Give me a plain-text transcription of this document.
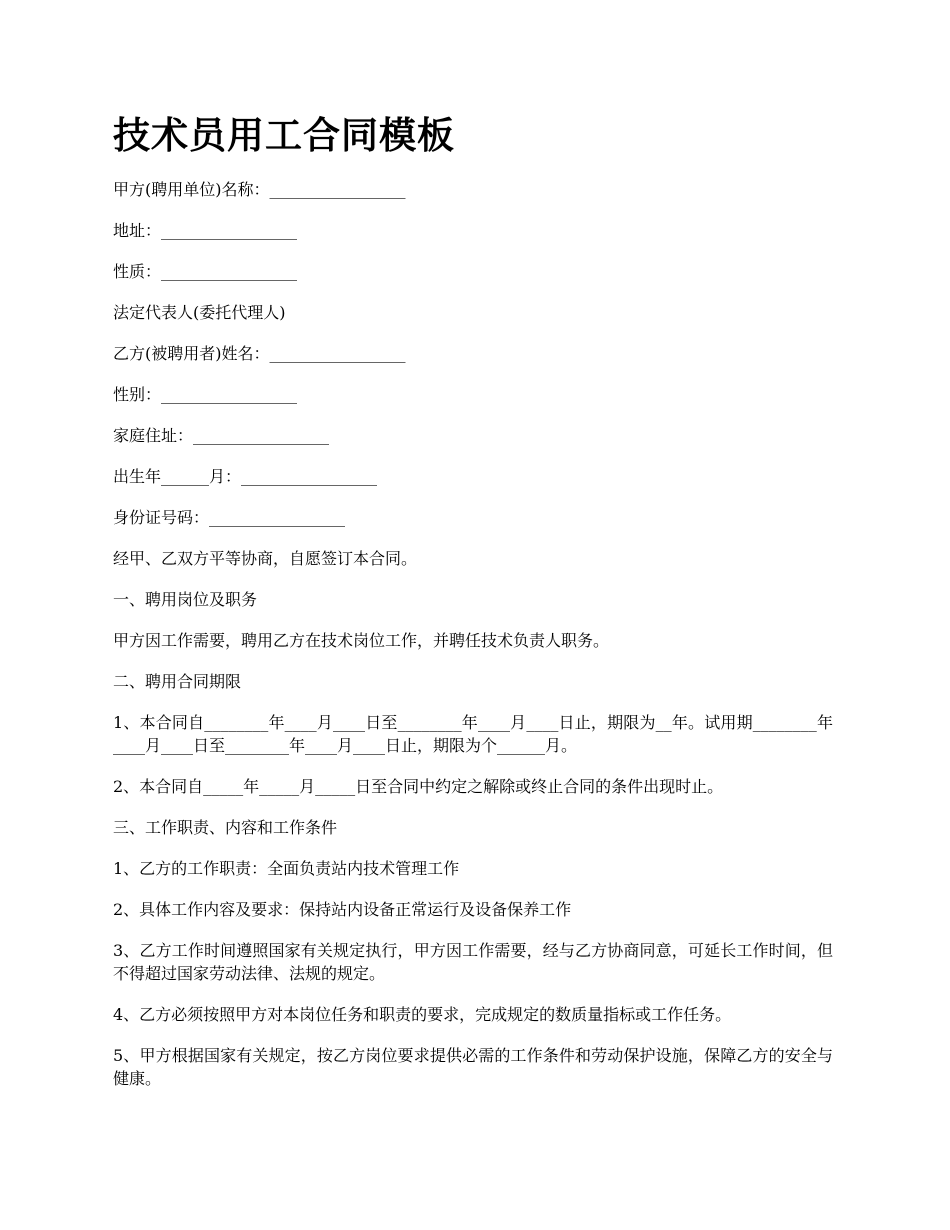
技术员用工合同模板

甲方(聘用单位)名称：_________________

地址：_________________

性质：_________________

法定代表人(委托代理人)

乙方(被聘用者)姓名：_________________

性别：_________________

家庭住址：_________________

出生年______月：_________________

身份证号码：_________________

经甲、乙双方平等协商，自愿签订本合同。

一、聘用岗位及职务

甲方因工作需要，聘用乙方在技术岗位工作，并聘任技术负责人职务。

二、聘用合同期限

1、本合同自________年____月____日至________年____月____日止，期限为__年。试用期________年____月____日至________年____月____日止，期限为个______月。

2、本合同自_____年_____月_____日至合同中约定之解除或终止合同的条件出现时止。

三、工作职责、内容和工作条件

1、乙方的工作职责：全面负责站内技术管理工作

2、具体工作内容及要求：保持站内设备正常运行及设备保养工作

3、乙方工作时间遵照国家有关规定执行，甲方因工作需要，经与乙方协商同意，可延长工作时间，但不得超过国家劳动法律、法规的规定。

4、乙方必须按照甲方对本岗位任务和职责的要求，完成规定的数质量指标或工作任务。

5、甲方根据国家有关规定，按乙方岗位要求提供必需的工作条件和劳动保护设施，保障乙方的安全与健康。
